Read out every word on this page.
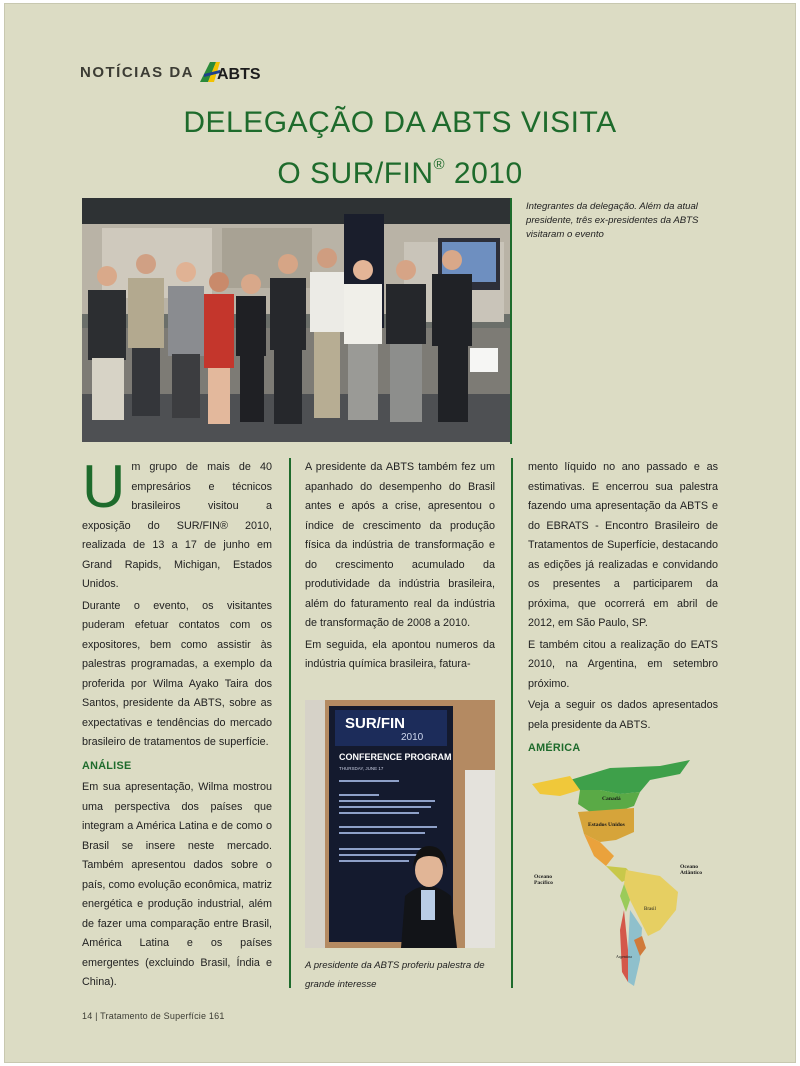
NOTÍCIAS DA ABTS
DELEGAÇÃO DA ABTS VISITA
O SUR/FIN® 2010
Integrantes da delegação. Além da atual presidente, três ex-presidentes da ABTS visitaram o evento

Um grupo de mais de 40 empresários e técnicos brasileiros visitou a exposição do SUR/FIN® 2010, realizada de 13 a 17 de junho em Grand Rapids, Michigan, Estados Unidos.

Durante o evento, os visitantes puderam efetuar contatos com os expositores, bem como assistir às palestras programadas, a exemplo da proferida por Wilma Ayako Taira dos Santos, presidente da ABTS, sobre as expectativas e tendências do mercado brasileiro de tratamentos de superfície.

ANÁLISE

Em sua apresentação, Wilma mostrou uma perspectiva dos países que integram a América Latina e de como o Brasil se insere neste mercado. Também apresentou dados sobre o país, como evolução econômica, matriz energética e produção industrial, além de fazer uma comparação entre Brasil, América Latina e os países emergentes (excluindo Brasil, Índia e China).

A presidente da ABTS também fez um apanhado do desempenho do Brasil antes e após a crise, apresentou o índice de crescimento da produção física da indústria de transformação e do crescimento acumulado da produtividade da indústria brasileira, além do faturamento real da indústria de transformação de 2008 a 2010.

Em seguida, ela apontou numeros da indústria química brasileira, fatura-

SUR/FIN
2010
CONFERENCE PROGRAM
THURSDAY, JUNE 17
A presidente da ABTS proferiu palestra de grande interesse

mento líquido no ano passado e as estimativas. E encerrou sua palestra fazendo uma apresentação da ABTS e do EBRATS - Encontro Brasileiro de Tratamentos de Superfície, destacando as edições já realizadas e convidando os presentes a participarem da próxima, que ocorrerá em abril de 2012, em São Paulo, SP.

E também citou a realização do EATS 2010, na Argentina, em setembro próximo.

Veja a seguir os dados apresentados pela presidente da ABTS.

AMÉRICA
Canadá
Estados Unidos
Oceano Pacífico
Oceano Atlântico
Brasil
Argentina
14 | Tratamento de Superfície 161
